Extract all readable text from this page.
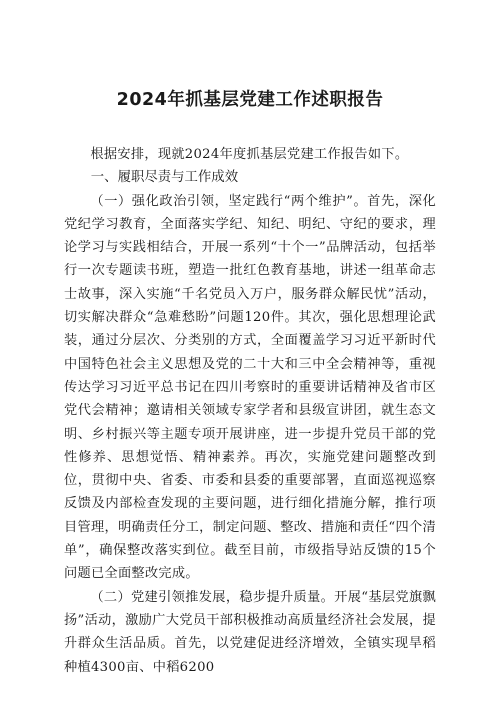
2024年抓基层党建工作述职报告

根据安排，现就2024年度抓基层党建工作报告如下。

一、履职尽责与工作成效

（一）强化政治引领，坚定践行“两个维护”。首先，深化党纪学习教育，全面落实学纪、知纪、明纪、守纪的要求，理论学习与实践相结合，开展一系列“十个一”品牌活动，包括举行一次专题读书班，塑造一批红色教育基地，讲述一组革命志士故事，深入实施“千名党员入万户，服务群众解民忧”活动，切实解决群众“急难愁盼”问题120件。其次，强化思想理论武装，通过分层次、分类别的方式，全面覆盖学习习近平新时代中国特色社会主义思想及党的二十大和三中全会精神等，重视传达学习习近平总书记在四川考察时的重要讲话精神及省市区党代会精神；邀请相关领域专家学者和县级宣讲团，就生态文明、乡村振兴等主题专项开展讲座，进一步提升党员干部的党性修养、思想觉悟、精神素养。再次，实施党建问题整改到位，贯彻中央、省委、市委和县委的重要部署，直面巡视巡察反馈及内部检查发现的主要问题，进行细化措施分解，推行项目管理，明确责任分工，制定问题、整改、措施和责任“四个清单”，确保整改落实到位。截至目前，市级指导站反馈的15个问题已全面整改完成。

（二）党建引领推发展，稳步提升质量。开展“基层党旗飘扬”活动，激励广大党员干部积极推动高质量经济社会发展，提升群众生活品质。首先，以党建促进经济增效，全镇实现旱稻种植4300亩、中稻6200
